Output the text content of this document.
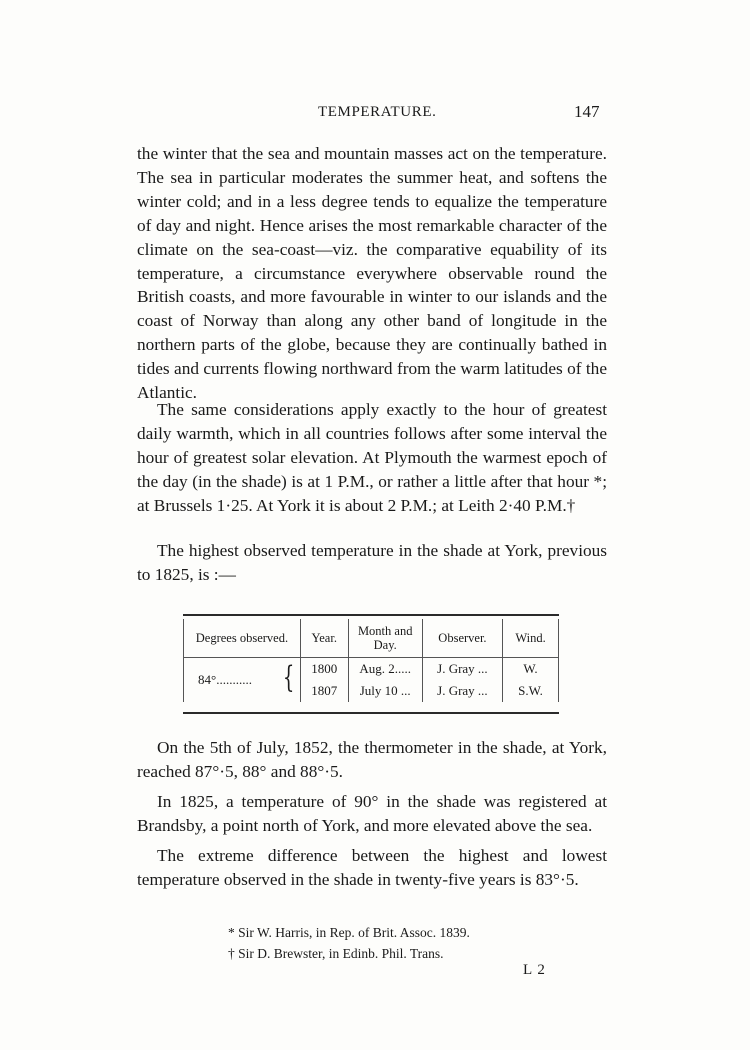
TEMPERATURE.	147

the winter that the sea and mountain masses act on the temperature. The sea in particular moderates the summer heat, and softens the winter cold; and in a less degree tends to equalize the temperature of day and night. Hence arises the most remarkable character of the climate on the sea-coast—viz. the comparative equability of its temperature, a circumstance everywhere observable round the British coasts, and more favourable in winter to our islands and the coast of Norway than along any other band of longitude in the northern parts of the globe, because they are continually bathed in tides and currents flowing northward from the warm latitudes of the Atlantic.

The same considerations apply exactly to the hour of greatest daily warmth, which in all countries follows after some interval the hour of greatest solar elevation. At Plymouth the warmest epoch of the day (in the shade) is at 1 P.M., or rather a little after that hour *; at Brussels 1·25. At York it is about 2 P.M.; at Leith 2·40 P.M.†

The highest observed temperature in the shade at York, previous to 1825, is :—

Degrees observed.	Year.	Month and Day.	Observer.	Wind.
84°........... {	1800	Aug. 2.....	J. Gray ...	W.
	1807	July 10 ...	J. Gray ...	S.W.

On the 5th of July, 1852, the thermometer in the shade, at York, reached 87°·5, 88° and 88°·5.

In 1825, a temperature of 90° in the shade was registered at Brandsby, a point north of York, and more elevated above the sea.

The extreme difference between the highest and lowest temperature observed in the shade in twenty-five years is 83°·5.

* Sir W. Harris, in Rep. of Brit. Assoc. 1839.
† Sir D. Brewster, in Edinb. Phil. Trans.
L 2
